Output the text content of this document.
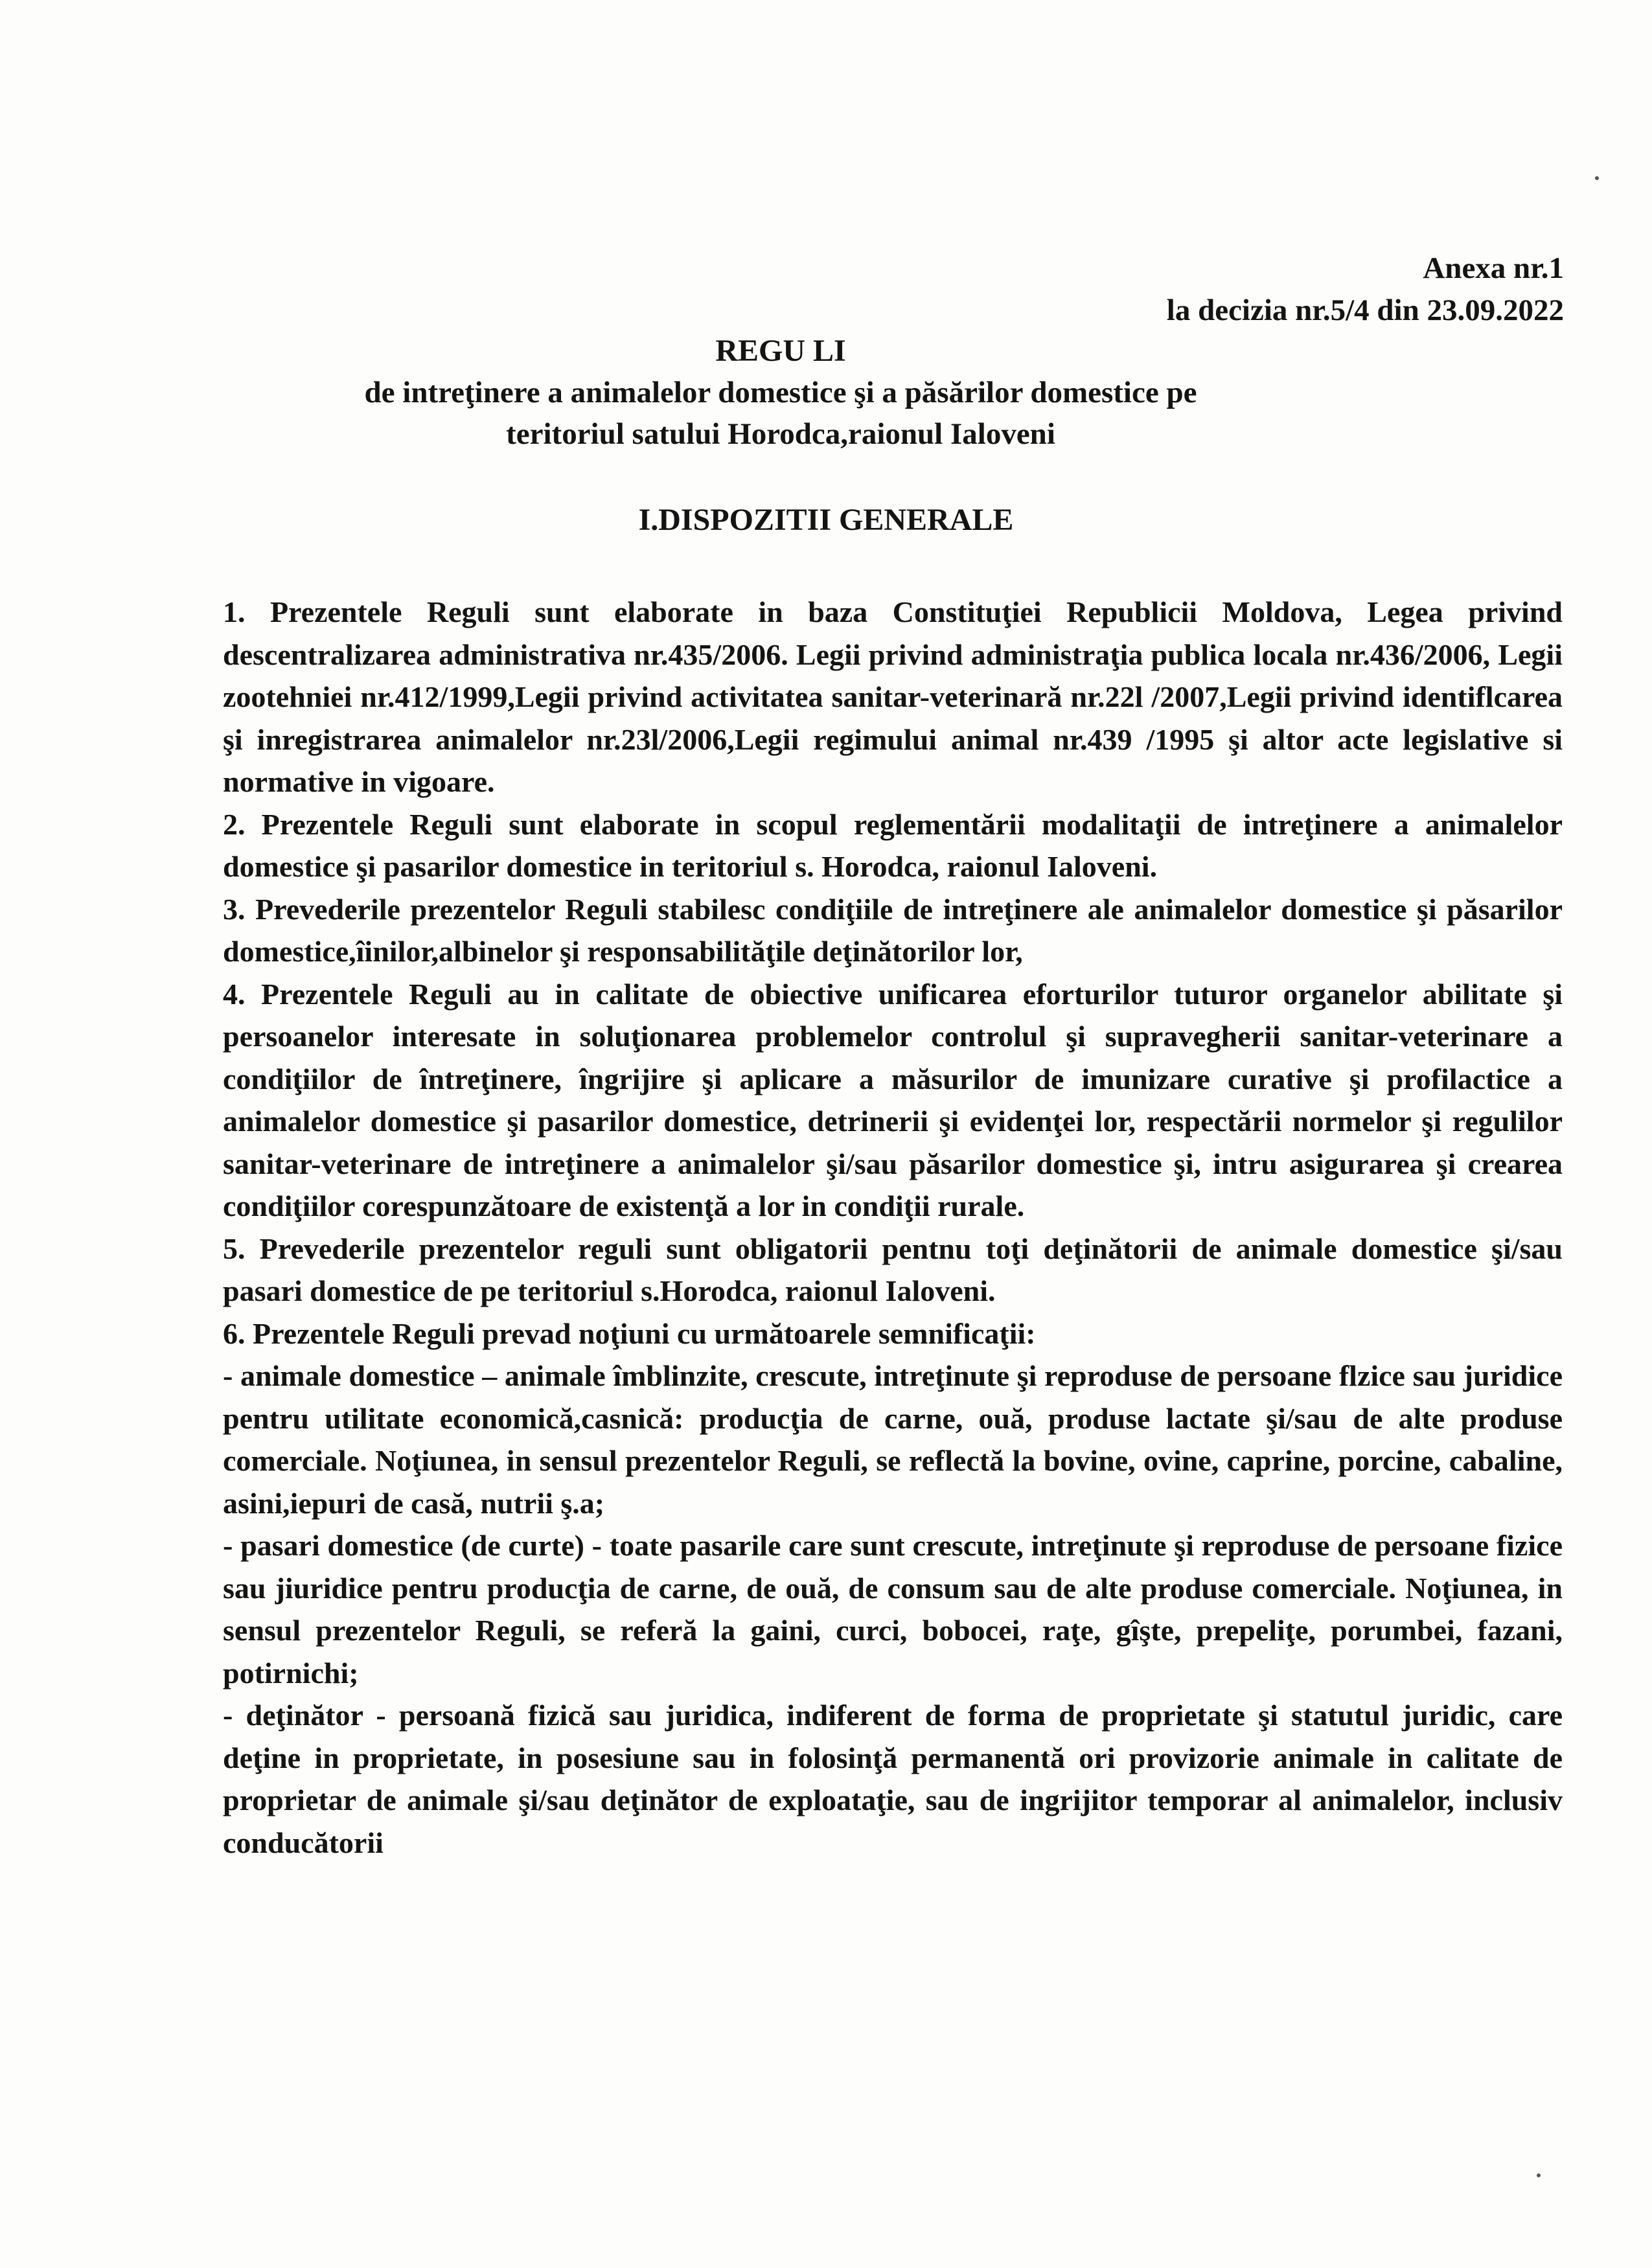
Anexa nr.1
la decizia nr.5/4 din 23.09.2022
REGU LI
de intreţinere a animalelor domestice şi a păsărilor domestice pe
teritoriul satului Horodca,raionul Ialoveni
I.DISPOZITII GENERALE

1. Prezentele Reguli sunt elaborate in baza Constituţiei Republicii Moldova, Legea privind descentralizarea administrativa nr.435/2006. Legii privind administraţia publica locala nr.436/2006, Legii zootehniei nr.412/1999,Legii privind activitatea sanitar-veterinară nr.22l /2007,Legii privind identiflcarea şi inregistrarea animalelor nr.23l/2006,Legii regimului animal nr.439 /1995 şi altor acte legislative si normative in vigoare.

2. Prezentele Reguli sunt elaborate in scopul reglementării modalitaţii de intreţinere a animalelor domestice şi pasarilor domestice in teritoriul s. Horodca, raionul Ialoveni.

3. Prevederile prezentelor Reguli stabilesc condiţiile de intreţinere ale animalelor domestice şi păsarilor domestice,îinilor,albinelor şi responsabilităţile deţinătorilor lor,

4. Prezentele Reguli au in calitate de obiective unificarea eforturilor tuturor organelor abilitate şi persoanelor interesate in soluţionarea problemelor controlul şi supravegherii sanitar-veterinare a condiţiilor de întreţinere, îngrijire şi aplicare a măsurilor de imunizare curative şi profilactice a animalelor domestice şi pasarilor domestice, detrinerii şi evidenţei lor, respectării normelor şi regulilor sanitar-veterinare de intreţinere a animalelor şi/sau păsarilor domestice şi, intru asigurarea şi crearea condiţiilor corespunzătoare de existenţă a lor in condiţii rurale.

5. Prevederile prezentelor reguli sunt obligatorii pentnu toţi deţinătorii de animale domestice şi/sau pasari domestice de pe teritoriul s.Horodca, raionul Ialoveni.

6. Prezentele Reguli prevad noţiuni cu următoarele semnificaţii:

- animale domestice – animale îmblinzite, crescute, intreţinute şi reproduse de persoane flzice sau juridice pentru utilitate economică,casnică: producţia de carne, ouă, produse lactate şi/sau de alte produse comerciale. Noţiunea, in sensul prezentelor Reguli, se reflectă la bovine, ovine, caprine, porcine, cabaline, asini,iepuri de casă, nutrii ş.a;

- pasari domestice (de curte) - toate pasarile care sunt crescute, intreţinute şi reproduse de persoane fizice sau jiuridice pentru producţia de carne, de ouă, de consum sau de alte produse comerciale. Noţiunea, in sensul prezentelor Reguli, se referă la gaini, curci, bobocei, raţe, gîşte, prepeliţe, porumbei, fazani, potirnichi;

- deţinător - persoană fizică sau juridica, indiferent de forma de proprietate şi statutul juridic, care deţine in proprietate, in posesiune sau in folosinţă permanentă ori provizorie animale in calitate de proprietar de animale şi/sau deţinător de exploataţie, sau de ingrijitor temporar al animalelor, inclusiv conducătorii
